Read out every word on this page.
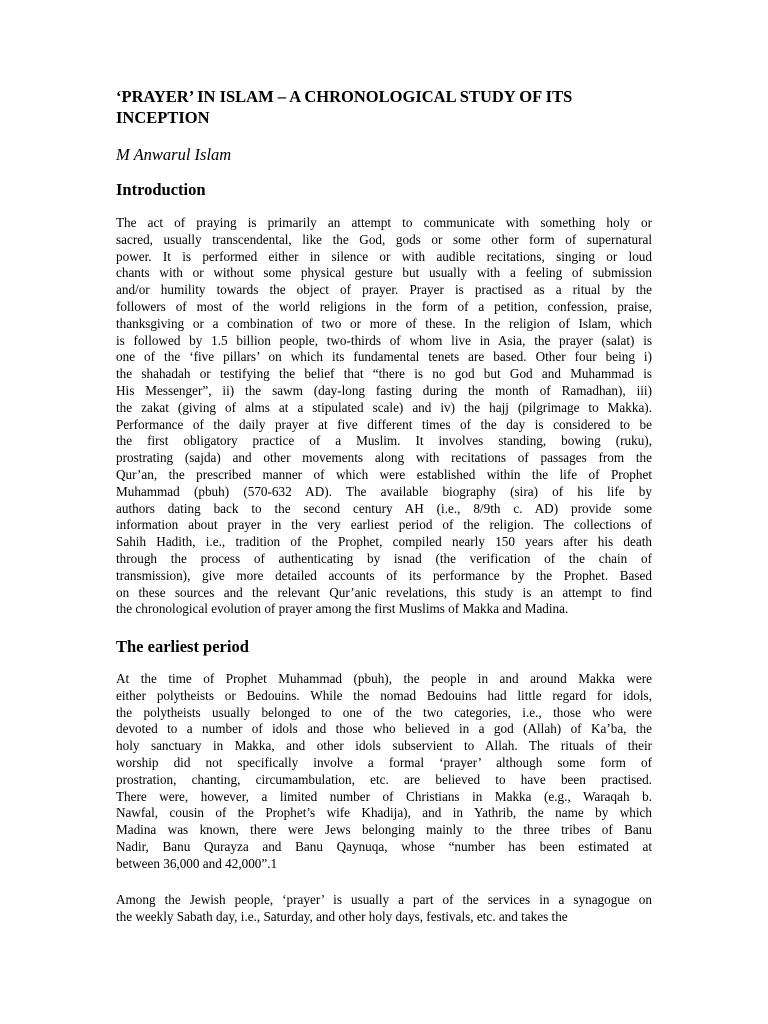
‘PRAYER’ IN ISLAM – A CHRONOLOGICAL STUDY OF ITS INCEPTION

M Anwarul Islam

Introduction
The act of praying is primarily an attempt to communicate with something holy or
sacred, usually transcendental, like the God, gods or some other form of supernatural
power. It is performed either in silence or with audible recitations, singing or loud
chants with or without some physical gesture but usually with a feeling of submission
and/or humility towards the object of prayer. Prayer is practised as a ritual by the
followers of most of the world religions in the form of a petition, confession, praise,
thanksgiving or a combination of two or more of these. In the religion of Islam, which
is followed by 1.5 billion people, two-thirds of whom live in Asia, the prayer (salat) is
one of the ‘five pillars’ on which its fundamental tenets are based. Other four being i)
the shahadah or testifying the belief that “there is no god but God and Muhammad is
His Messenger”, ii) the sawm (day-long fasting during the month of Ramadhan), iii)
the zakat (giving of alms at a stipulated scale) and iv) the hajj (pilgrimage to Makka).
Performance of the daily prayer at five different times of the day is considered to be
the first obligatory practice of a Muslim. It involves standing, bowing (ruku),
prostrating (sajda) and other movements along with recitations of passages from the
Qur’an, the prescribed manner of which were established within the life of Prophet
Muhammad (pbuh) (570-632 AD). The available biography (sira) of his life by
authors dating back to the second century AH (i.e., 8/9th c. AD) provide some
information about prayer in the very earliest period of the religion. The collections of
Sahih Hadith, i.e., tradition of the Prophet, compiled nearly 150 years after his death
through the process of authenticating by isnad (the verification of the chain of
transmission), give more detailed accounts of its performance by the Prophet. Based
on these sources and the relevant Qur’anic revelations, this study is an attempt to find
the chronological evolution of prayer among the first Muslims of Makka and Madina.
The earliest period
At the time of Prophet Muhammad (pbuh), the people in and around Makka were
either polytheists or Bedouins. While the nomad Bedouins had little regard for idols,
the polytheists usually belonged to one of the two categories, i.e., those who were
devoted to a number of idols and those who believed in a god (Allah) of Ka’ba, the
holy sanctuary in Makka, and other idols subservient to Allah. The rituals of their
worship did not specifically involve a formal ‘prayer’ although some form of
prostration, chanting, circumambulation, etc. are believed to have been practised.
There were, however, a limited number of Christians in Makka (e.g., Waraqah b.
Nawfal, cousin of the Prophet’s wife Khadija), and in Yathrib, the name by which
Madina was known, there were Jews belonging mainly to the three tribes of Banu
Nadir, Banu Qurayza and Banu Qaynuqa, whose “number has been estimated at
between 36,000 and 42,000”.1
Among the Jewish people, ‘prayer’ is usually a part of the services in a synagogue on
the weekly Sabath day, i.e., Saturday, and other holy days, festivals, etc. and takes the
